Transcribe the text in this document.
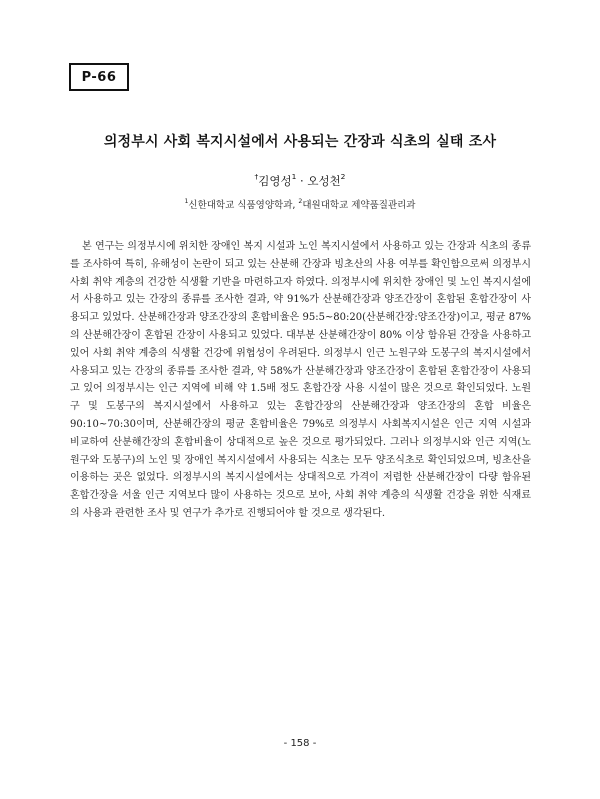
P-66
의정부시 사회 복지시설에서 사용되는 간장과 식초의 실태 조사
†김영성$^1$ · 오성천$^2$
$^1$신한대학교 식품영양학과, $^2$대원대학교 제약품질관리과

본 연구는 의정부시에 위치한 장애인 복지 시설과 노인 복지시설에서 사용하고 있는 간장과 식초의 종류를 조사하여 특히, 유해성이 논란이 되고 있는 산분해 간장과 빙초산의 사용 여부를 확인함으로써 의정부시 사회 취약 계층의 건강한 식생활 기반을 마련하고자 하였다. 의정부시에 위치한 장애인 및 노인 복지시설에서 사용하고 있는 간장의 종류를 조사한 결과, 약 91%가 산분해간장과 양조간장이 혼합된 혼합간장이 사용되고 있었다. 산분해간장과 양조간장의 혼합비율은 95:5~80:20(산분해간장:양조간장)이고, 평균 87%의 산분해간장이 혼합된 간장이 사용되고 있었다. 대부분 산분해간장이 80% 이상 함유된 간장을 사용하고 있어 사회 취약 계층의 식생활 건강에 위협성이 우려된다. 의정부시 인근 노원구와 도봉구의 복지시설에서 사용되고 있는 간장의 종류를 조사한 결과, 약 58%가 산분해간장과 양조간장이 혼합된 혼합간장이 사용되고 있어 의정부시는 인근 지역에 비해 약 1.5배 정도 혼합간장 사용 시설이 많은 것으로 확인되었다. 노원구 및 도봉구의 복지시설에서 사용하고 있는 혼합간장의 산분해간장과 양조간장의 혼합 비율은 90:10~70:30이며, 산분해간장의 평균 혼합비율은 79%로 의정부시 사회복지시설은 인근 지역 시설과 비교하여 산분해간장의 혼합비율이 상대적으로 높은 것으로 평가되었다. 그러나 의정부시와 인근 지역(노원구와 도봉구)의 노인 및 장애인 복지시설에서 사용되는 식초는 모두 양조식초로 확인되었으며, 빙초산을 이용하는 곳은 없었다. 의정부시의 복지시설에서는 상대적으로 가격이 저렴한 산분해간장이 다량 함유된 혼합간장을 서울 인근 지역보다 많이 사용하는 것으로 보아, 사회 취약 계층의 식생활 건강을 위한 식재료의 사용과 관련한 조사 및 연구가 추가로 진행되어야 할 것으로 생각된다.

- 158 -
